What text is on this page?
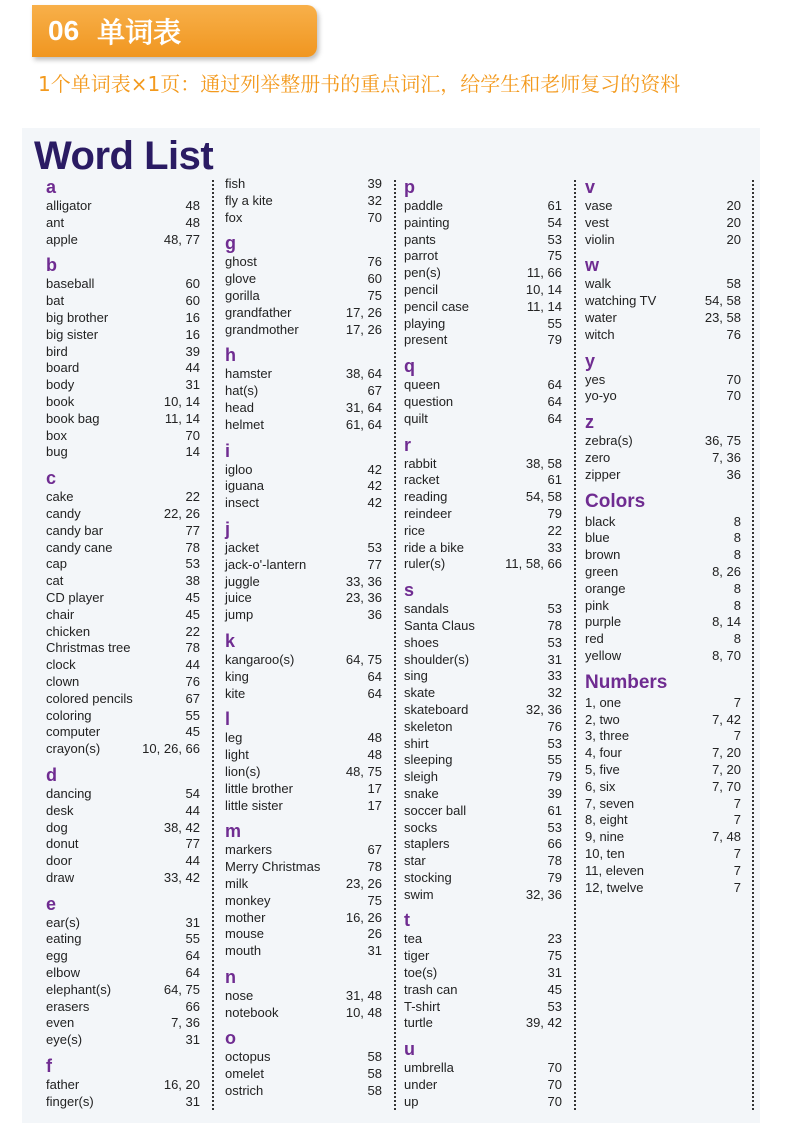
06 单词表
1个单词表×1页：通过列举整册书的重点词汇，给学生和老师复习的资料
Word List
a
alligator	48
ant	48
apple	48, 77
b
baseball	60
bat	60
big brother	16
big sister	16
bird	39
board	44
body	31
book	10, 14
book bag	11, 14
box	70
bug	14
c
cake	22
candy	22, 26
candy bar	77
candy cane	78
cap	53
cat	38
CD player	45
chair	45
chicken	22
Christmas tree	78
clock	44
clown	76
colored pencils	67
coloring	55
computer	45
crayon(s)	10, 26, 66
d
dancing	54
desk	44
dog	38, 42
donut	77
door	44
draw	33, 42
e
ear(s)	31
eating	55
egg	64
elbow	64
elephant(s)	64, 75
erasers	66
even	7, 36
eye(s)	31
f
father	16, 20
finger(s)	31
fish	39
fly a kite	32
fox	70
g
ghost	76
glove	60
gorilla	75
grandfather	17, 26
grandmother	17, 26
h
hamster	38, 64
hat(s)	67
head	31, 64
helmet	61, 64
i
igloo	42
iguana	42
insect	42
j
jacket	53
jack-o'-lantern	77
juggle	33, 36
juice	23, 36
jump	36
k
kangaroo(s)	64, 75
king	64
kite	64
l
leg	48
light	48
lion(s)	48, 75
little brother	17
little sister	17
m
markers	67
Merry Christmas	78
milk	23, 26
monkey	75
mother	16, 26
mouse	26
mouth	31
n
nose	31, 48
notebook	10, 48
o
octopus	58
omelet	58
ostrich	58
p
paddle	61
painting	54
pants	53
parrot	75
pen(s)	11, 66
pencil	10, 14
pencil case	11, 14
playing	55
present	79
q
queen	64
question	64
quilt	64
r
rabbit	38, 58
racket	61
reading	54, 58
reindeer	79
rice	22
ride a bike	33
ruler(s)	11, 58, 66
s
sandals	53
Santa Claus	78
shoes	53
shoulder(s)	31
sing	33
skate	32
skateboard	32, 36
skeleton	76
shirt	53
sleeping	55
sleigh	79
snake	39
soccer ball	61
socks	53
staplers	66
star	78
stocking	79
swim	32, 36
t
tea	23
tiger	75
toe(s)	31
trash can	45
T-shirt	53
turtle	39, 42
u
umbrella	70
under	70
up	70
v
vase	20
vest	20
violin	20
w
walk	58
watching TV	54, 58
water	23, 58
witch	76
y
yes	70
yo-yo	70
z
zebra(s)	36, 75
zero	7, 36
zipper	36
Colors
black	8
blue	8
brown	8
green	8, 26
orange	8
pink	8
purple	8, 14
red	8
yellow	8, 70
Numbers
1, one	7
2, two	7, 42
3, three	7
4, four	7, 20
5, five	7, 20
6, six	7, 70
7, seven	7
8, eight	7
9, nine	7, 48
10, ten	7
11, eleven	7
12, twelve	7
